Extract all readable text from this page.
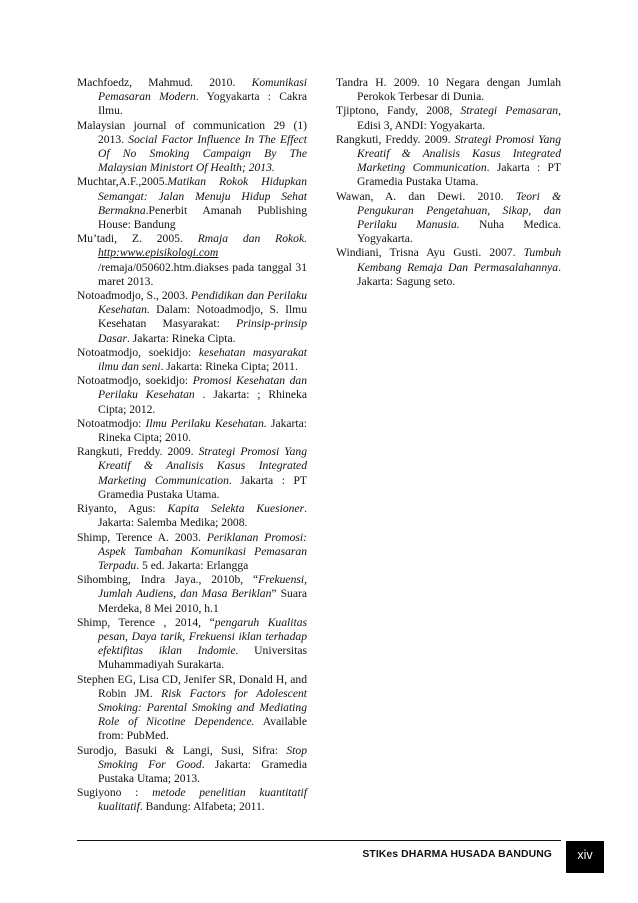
Machfoedz, Mahmud. 2010. Komunikasi Pemasaran Modern. Yogyakarta : Cakra Ilmu.

Malaysian journal of communication 29 (1) 2013. Social Factor Influence In The Effect Of No Smoking Campaign By The Malaysian Ministort Of Health; 2013.

Muchtar,A.F.,2005.Matikan Rokok Hidupkan Semangat: Jalan Menuju Hidup Sehat Bermakna.Penerbit Amanah Publishing House: Bandung

Mu’tadi, Z. 2005. Rmaja dan Rokok. http:www.episikologi.com /remaja/050602.htm.diakses pada tanggal 31 maret 2013.

Notoadmodjo, S., 2003. Pendidikan dan Perilaku Kesehatan. Dalam: Notoadmodjo, S. Ilmu Kesehatan Masyarakat: Prinsip-prinsip Dasar. Jakarta: Rineka Cipta.

Notoatmodjo, soekidjo: kesehatan masyarakat ilmu dan seni. Jakarta: Rineka Cipta; 2011.

Notoatmodjo, soekidjo: Promosi Kesehatan dan Perilaku Kesehatan . Jakarta: ; Rhineka Cipta; 2012.

Notoatmodjo: Ilmu Perilaku Kesehatan. Jakarta: Rineka Cipta; 2010.

Rangkuti, Freddy. 2009. Strategi Promosi Yang Kreatif & Analisis Kasus Integrated Marketing Communication. Jakarta : PT Gramedia Pustaka Utama.

Riyanto, Agus: Kapita Selekta Kuesioner. Jakarta: Salemba Medika; 2008.

Shimp, Terence A. 2003. Periklanan Promosi: Aspek Tambahan Komunikasi Pemasaran Terpadu. 5 ed. Jakarta: Erlangga

Sihombing, Indra Jaya., 2010b, “Frekuensi, Jumlah Audiens, dan Masa Beriklan” Suara Merdeka, 8 Mei 2010, h.1

Shimp, Terence , 2014, “pengaruh Kualitas pesan, Daya tarik, Frekuensi iklan terhadap efektifitas iklan Indomie. Universitas Muhammadiyah Surakarta.

Stephen EG, Lisa CD, Jenifer SR, Donald H, and Robin JM. Risk Factors for Adolescent Smoking: Parental Smoking and Mediating Role of Nicotine Dependence. Available from: PubMed.

Surodjo, Basuki & Langi, Susi, Sifra: Stop Smoking For Good. Jakarta: Gramedia Pustaka Utama; 2013.

Sugiyono : metode penelitian kuantitatif kualitatif. Bandung: Alfabeta; 2011.

Tandra H. 2009. 10 Negara dengan Jumlah Perokok Terbesar di Dunia.

Tjiptono, Fandy, 2008, Strategi Pemasaran, Edisi 3, ANDI: Yogyakarta.

Rangkuti, Freddy. 2009. Strategi Promosi Yang Kreatif & Analisis Kasus Integrated Marketing Communication. Jakarta : PT Gramedia Pustaka Utama.

Wawan, A. dan Dewi. 2010. Teori & Pengukuran Pengetahuan, Sikap, dan Perilaku Manusia. Nuha Medica. Yogyakarta.

Windiani, Trisna Ayu Gusti. 2007. Tumbuh Kembang Remaja Dan Permasalahannya. Jakarta: Sagung seto.

STIKes DHARMA HUSADA BANDUNG	xiv
